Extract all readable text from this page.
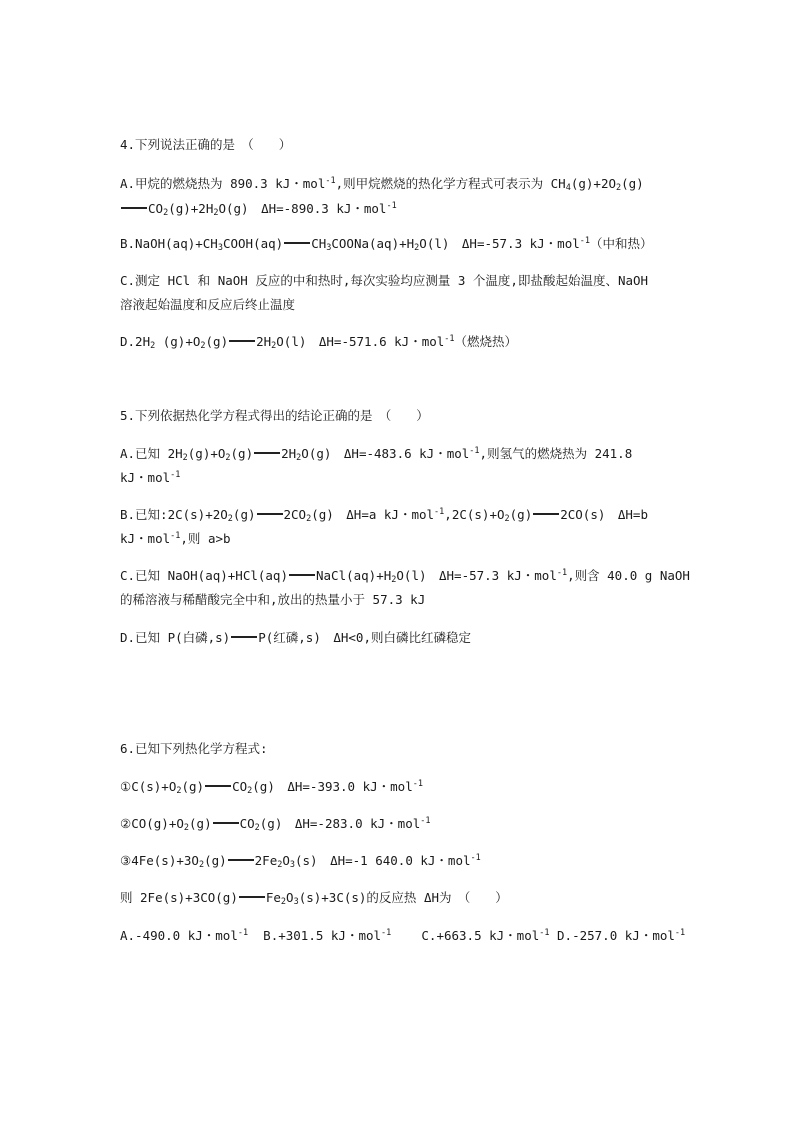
4.下列说法正确的是　（　　）
A.甲烷的燃烧热为 890.3 kJ・mol$^{-1}$,则甲烷燃烧的热化学方程式可表示为 $CH_4(g)+2O_2(g)$
$CO_2(g)+2H_2O(g)$　ΔH=-890.3 kJ・mol$^{-1}$
$B.NaOH(aq)+CH_3COOH(aq)$ $CH_3COONa(aq)+H_2O(l)$　ΔH=-57.3 kJ・mol$^{-1}$（中和热）
C.测定 HCl 和 NaOH 反应的中和热时,每次实验均应测量 3 个温度,即盐酸起始温度、NaOH
溶液起始温度和反应后终止温度
$D.2H_2$ $(g)+O_2(g)$ $2H_2O(l)$　ΔH=-571.6 kJ・mol$^{-1}$（燃烧热）
5.下列依据热化学方程式得出的结论正确的是　（　　）
A.已知 $2H_2(g)+O_2(g)$ $2H_2O(g)$　ΔH=-483.6 kJ・mol$^{-1}$,则氢气的燃烧热为 241.8
kJ・mol$^{-1}$
B.已知$:2C(s)+2O_2(g)$ $2CO_2(g)$　ΔH=a kJ・$mol^{-1},2C(s)+O_2(g)$ 2CO(s)　ΔH=b
kJ・mol$^{-1}$,则 a>b
C.已知 NaOH(aq)+HCl(aq) $NaCl(aq)+H_2O(l)$　ΔH=-57.3 kJ・mol$^{-1}$,则含 40.0 g NaOH
的稀溶液与稀醋酸完全中和,放出的热量小于 57.3 kJ
D.已知 P(白磷,s) P(红磷,s)　ΔH<0,则白磷比红磷稳定
6.已知下列热化学方程式:
$①C(s)+O_2(g)$ $CO_2(g)$　ΔH=-393.0 kJ・mol$^{-1}$
$②CO(g)+O_2(g)$ $CO_2(g)$　ΔH=-283.0 kJ・mol$^{-1}$
$③4Fe(s)+3O_2(g)$ $2Fe_2O_3(s)$　ΔH=-1 640.0 kJ・mol$^{-1}$
则 2Fe(s)+3CO(g) $Fe_2O_3(s)+3C(s)$的反应热 ΔH为　（　　）
A.-490.0 kJ・mol$^{-1}$ B.+301.5 kJ・mol$^{-1}$ C.+663.5 kJ・mol$^{-1}$ D.-257.0 kJ・mol$^{-1}$
